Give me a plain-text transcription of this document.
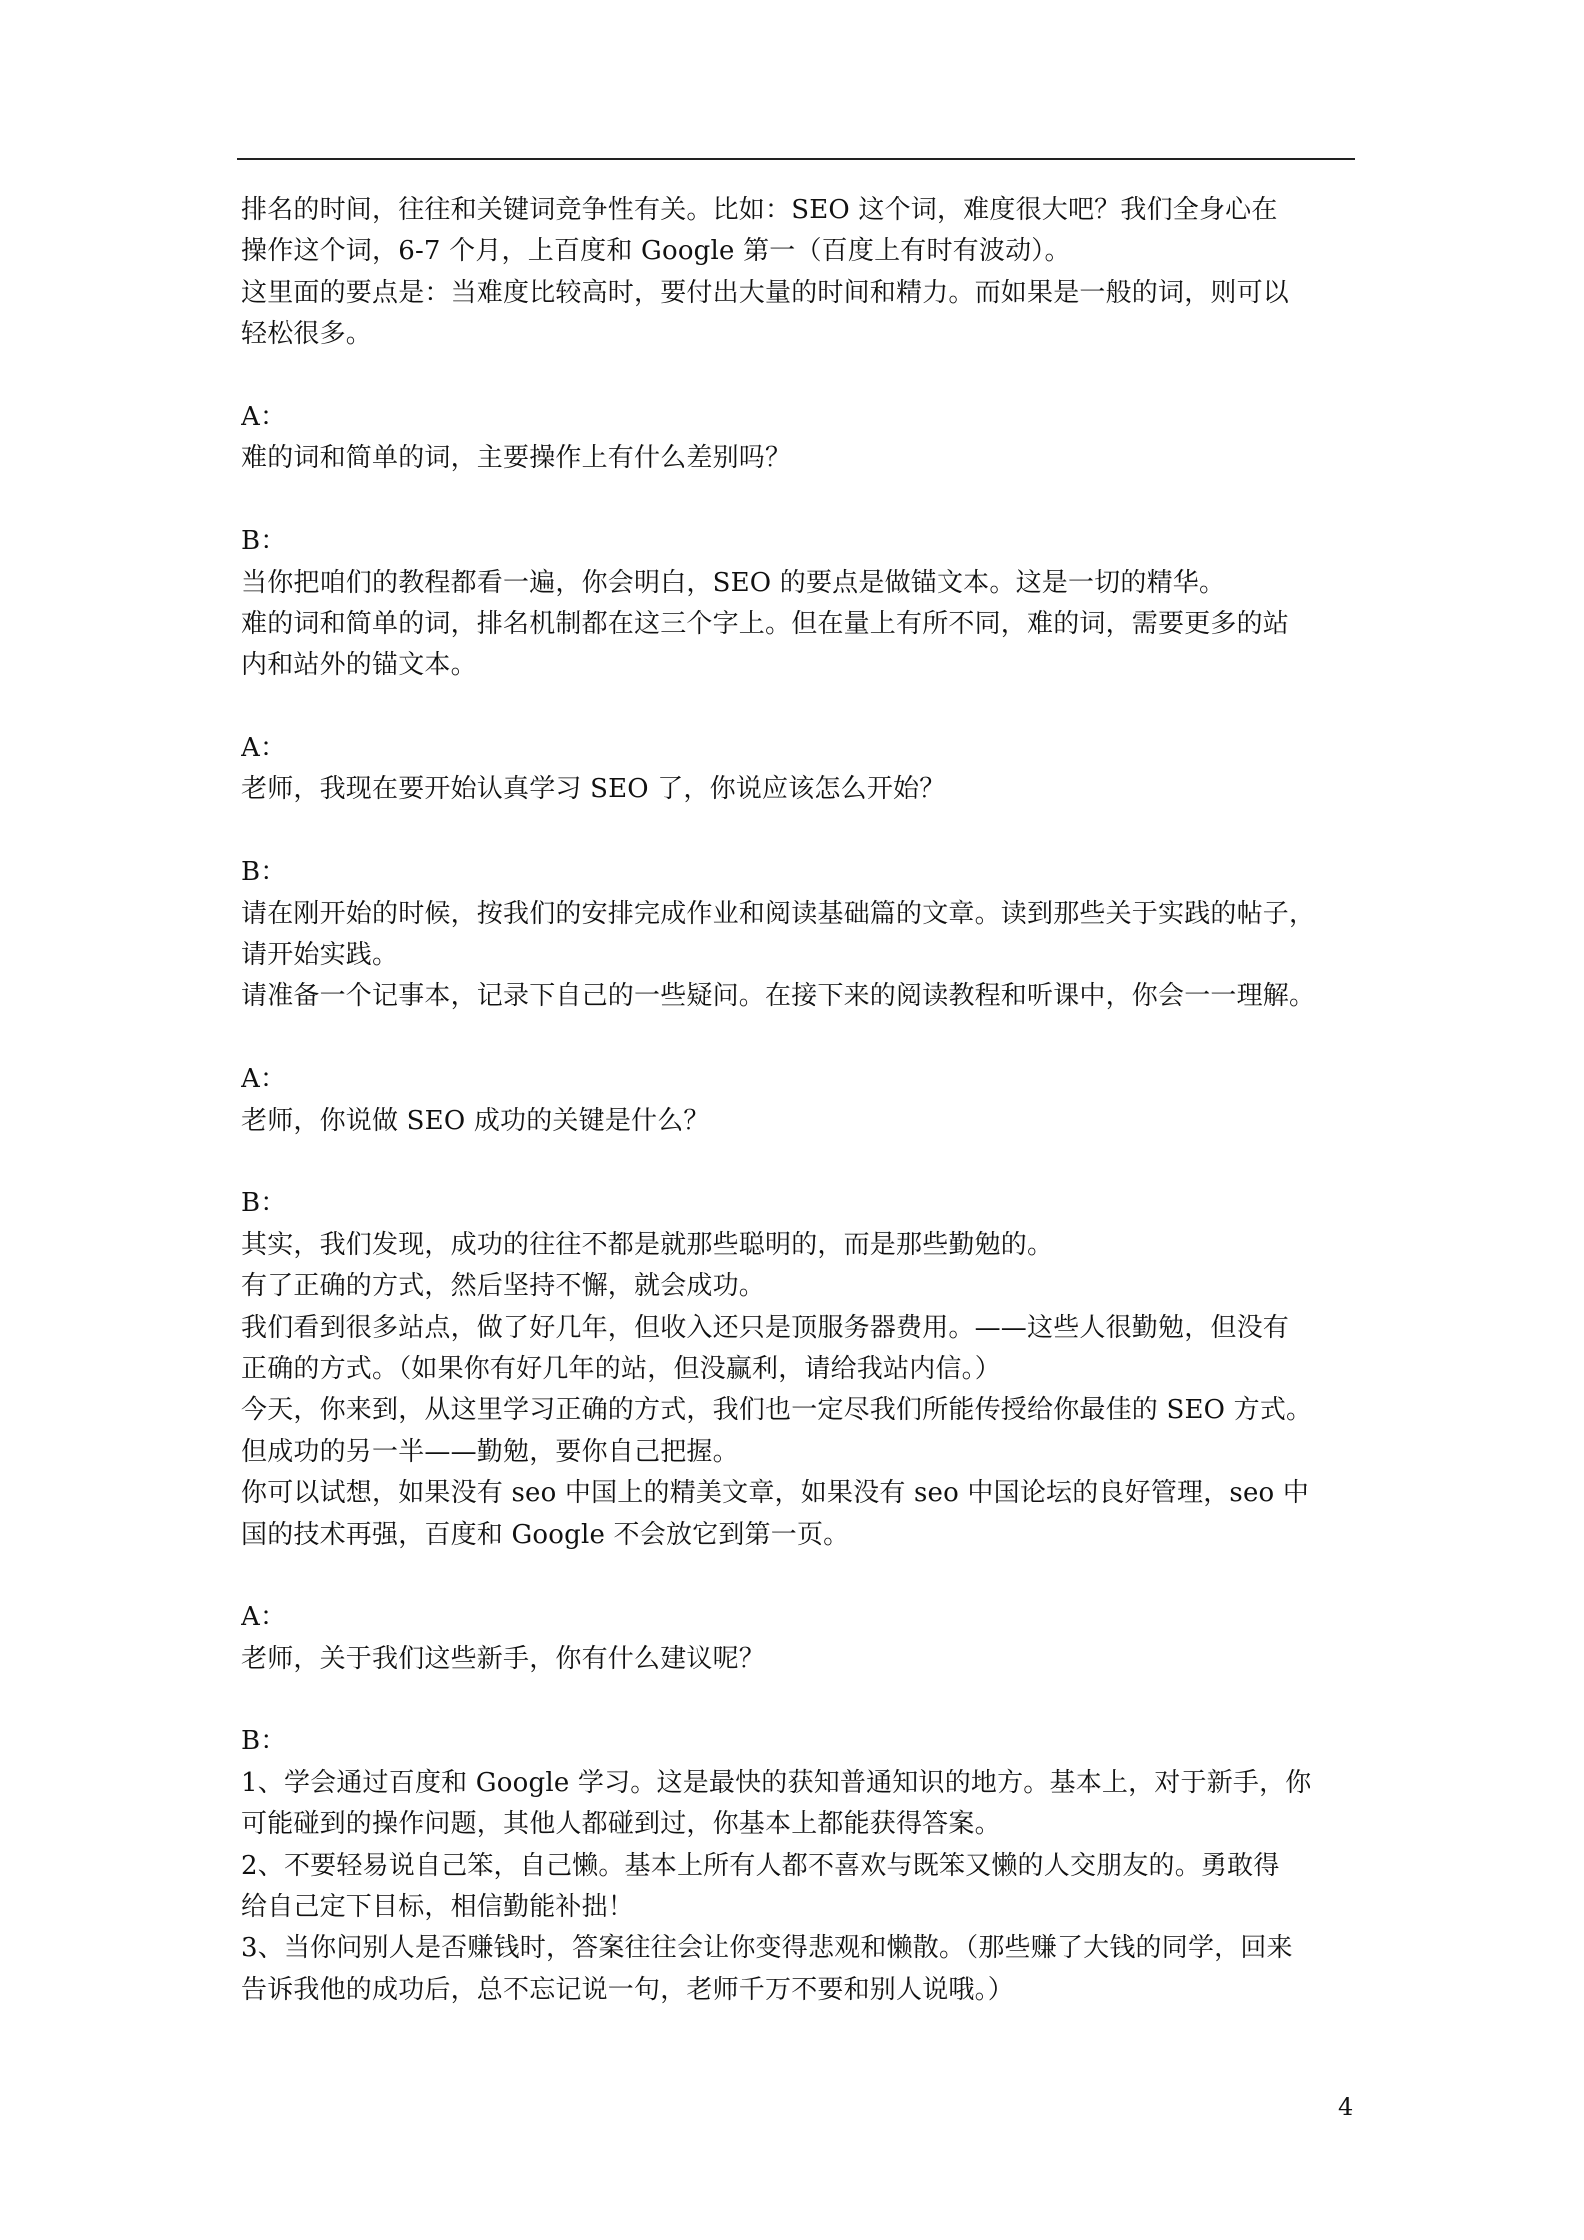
排名的时间，往往和关键词竞争性有关。比如：SEO 这个词，难度很大吧？我们全身心在
操作这个词，6-7 个月，上百度和 Google 第一（百度上有时有波动）。
这里面的要点是：当难度比较高时，要付出大量的时间和精力。而如果是一般的词，则可以
轻松很多。
A：
难的词和简单的词，主要操作上有什么差别吗？
B：
当你把咱们的教程都看一遍，你会明白，SEO 的要点是做锚文本。这是一切的精华。
难的词和简单的词，排名机制都在这三个字上。但在量上有所不同，难的词，需要更多的站
内和站外的锚文本。
A：
老师，我现在要开始认真学习 SEO 了，你说应该怎么开始？
B：
请在刚开始的时候，按我们的安排完成作业和阅读基础篇的文章。读到那些关于实践的帖子，
请开始实践。
请准备一个记事本，记录下自己的一些疑问。在接下来的阅读教程和听课中，你会一一理解。
A：
老师，你说做 SEO 成功的关键是什么？
B：
其实，我们发现，成功的往往不都是就那些聪明的，而是那些勤勉的。
有了正确的方式，然后坚持不懈，就会成功。
我们看到很多站点，做了好几年，但收入还只是顶服务器费用。——这些人很勤勉，但没有
正确的方式。（如果你有好几年的站，但没赢利，请给我站内信。）
今天，你来到，从这里学习正确的方式，我们也一定尽我们所能传授给你最佳的 SEO 方式。
但成功的另一半——勤勉，要你自己把握。
你可以试想，如果没有 seo 中国上的精美文章，如果没有 seo 中国论坛的良好管理，seo 中
国的技术再强，百度和 Google 不会放它到第一页。
A：
老师，关于我们这些新手，你有什么建议呢？
B：
1、学会通过百度和 Google 学习。这是最快的获知普通知识的地方。基本上，对于新手，你
可能碰到的操作问题，其他人都碰到过，你基本上都能获得答案。
2、不要轻易说自己笨，自己懒。基本上所有人都不喜欢与既笨又懒的人交朋友的。勇敢得
给自己定下目标，相信勤能补拙！
3、当你问别人是否赚钱时，答案往往会让你变得悲观和懒散。（那些赚了大钱的同学，回来
告诉我他的成功后，总不忘记说一句，老师千万不要和别人说哦。）
4
